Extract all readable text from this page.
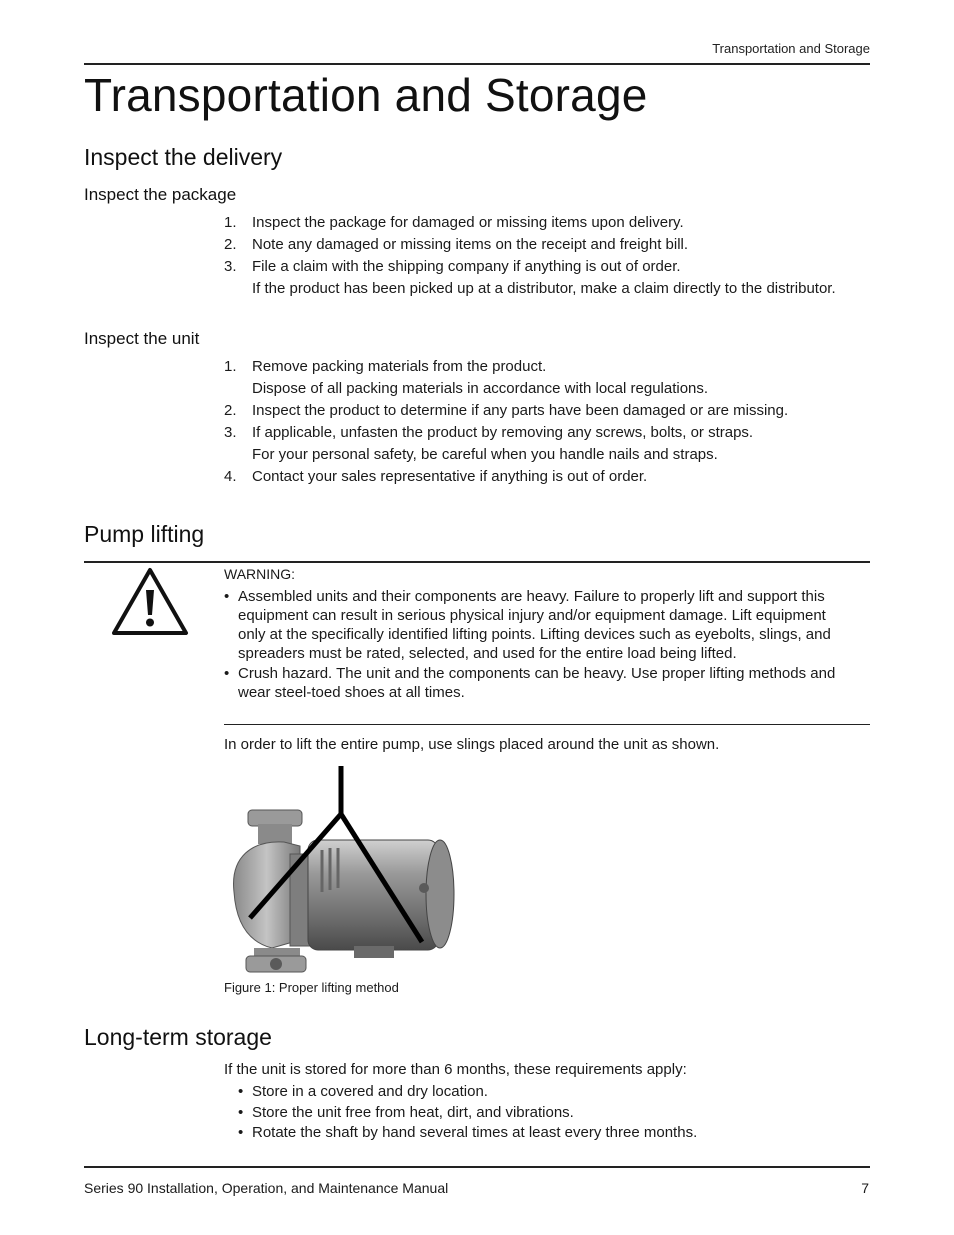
Transportation and Storage
Transportation and Storage
Inspect the delivery
Inspect the package
1. Inspect the package for damaged or missing items upon delivery.
2. Note any damaged or missing items on the receipt and freight bill.
3. File a claim with the shipping company if anything is out of order.
If the product has been picked up at a distributor, make a claim directly to the distributor.
Inspect the unit
1. Remove packing materials from the product.
Dispose of all packing materials in accordance with local regulations.
2. Inspect the product to determine if any parts have been damaged or are missing.
3. If applicable, unfasten the product by removing any screws, bolts, or straps.
For your personal safety, be careful when you handle nails and straps.
4. Contact your sales representative if anything is out of order.
Pump lifting
WARNING:
• Assembled units and their components are heavy. Failure to properly lift and support this equipment can result in serious physical injury and/or equipment damage. Lift equipment only at the specifically identified lifting points. Lifting devices such as eyebolts, slings, and spreaders must be rated, selected, and used for the entire load being lifted.
• Crush hazard. The unit and the components can be heavy. Use proper lifting methods and wear steel-toed shoes at all times.
In order to lift the entire pump, use slings placed around the unit as shown.
Figure 1: Proper lifting method
Long-term storage
If the unit is stored for more than 6 months, these requirements apply:
• Store in a covered and dry location.
• Store the unit free from heat, dirt, and vibrations.
• Rotate the shaft by hand several times at least every three months.
Series 90 Installation, Operation, and Maintenance Manual	7
